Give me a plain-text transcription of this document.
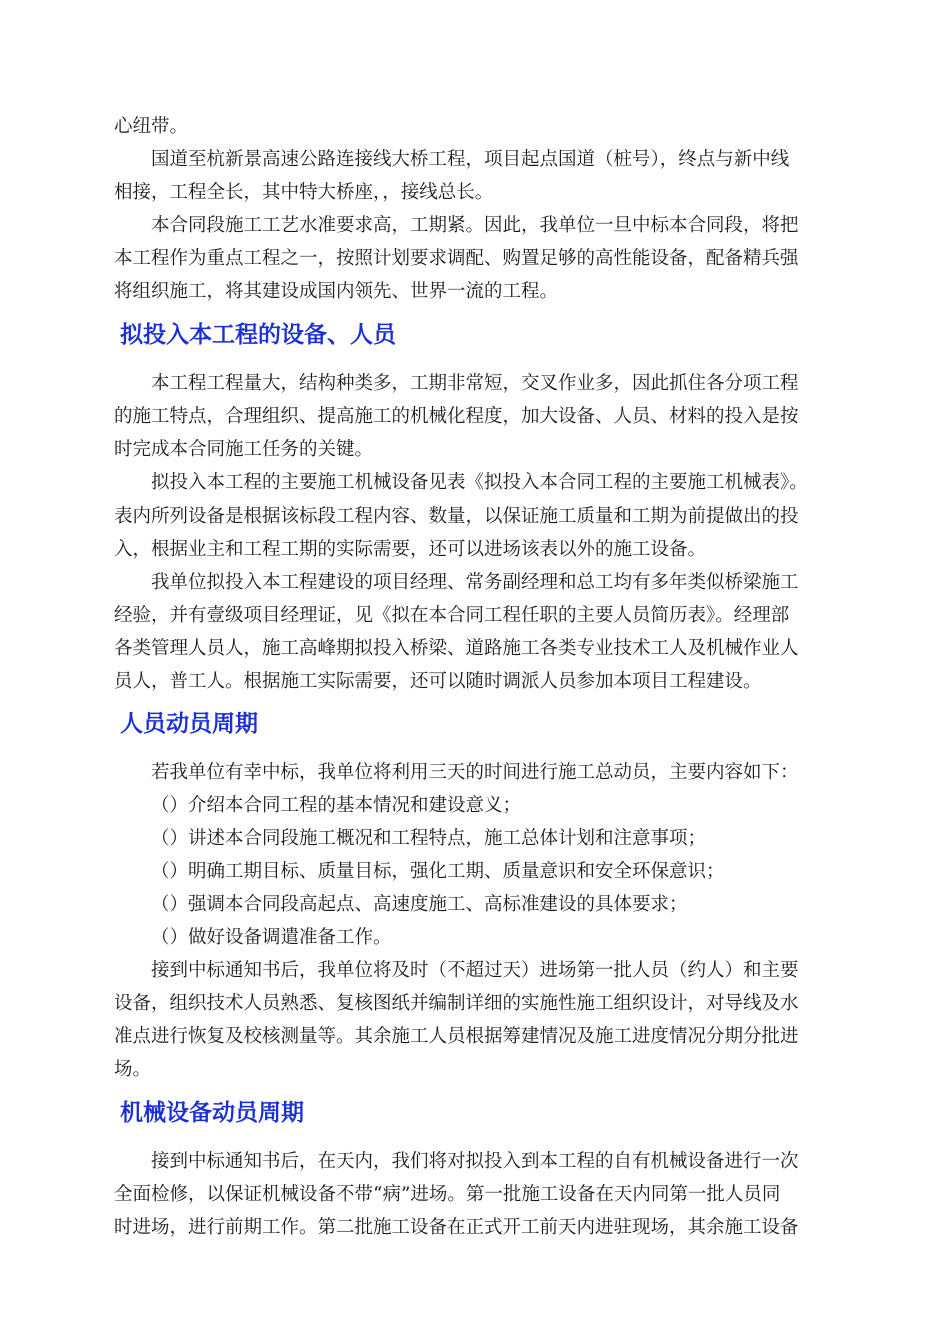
心纽带。
国道至杭新景高速公路连接线大桥工程，项目起点国道（桩号），终点与新中线
相接，工程全长，其中特大桥座，，接线总长。
本合同段施工工艺水准要求高，工期紧。因此，我单位一旦中标本合同段，将把
本工程作为重点工程之一，按照计划要求调配、购置足够的高性能设备，配备精兵强
将组织施工，将其建设成国内领先、世界一流的工程。
拟投入本工程的设备、人员
本工程工程量大，结构种类多，工期非常短，交叉作业多，因此抓住各分项工程
的施工特点，合理组织、提高施工的机械化程度，加大设备、人员、材料的投入是按
时完成本合同施工任务的关键。
拟投入本工程的主要施工机械设备见表《拟投入本合同工程的主要施工机械表》。
表内所列设备是根据该标段工程内容、数量，以保证施工质量和工期为前提做出的投
入，根据业主和工程工期的实际需要，还可以进场该表以外的施工设备。
我单位拟投入本工程建设的项目经理、常务副经理和总工均有多年类似桥梁施工
经验，并有壹级项目经理证，见《拟在本合同工程任职的主要人员简历表》。经理部
各类管理人员人，施工高峰期拟投入桥梁、道路施工各类专业技术工人及机械作业人
员人，普工人。根据施工实际需要，还可以随时调派人员参加本项目工程建设。
人员动员周期
若我单位有幸中标，我单位将利用三天的时间进行施工总动员，主要内容如下：
（）介绍本合同工程的基本情况和建设意义；
（）讲述本合同段施工概况和工程特点，施工总体计划和注意事项；
（）明确工期目标、质量目标，强化工期、质量意识和安全环保意识；
（）强调本合同段高起点、高速度施工、高标准建设的具体要求；
（）做好设备调遣准备工作。
接到中标通知书后，我单位将及时（不超过天）进场第一批人员（约人）和主要
设备，组织技术人员熟悉、复核图纸并编制详细的实施性施工组织设计，对导线及水
准点进行恢复及校核测量等。其余施工人员根据筹建情况及施工进度情况分期分批进
场。
机械设备动员周期
接到中标通知书后，在天内，我们将对拟投入到本工程的自有机械设备进行一次
全面检修，以保证机械设备不带“病”进场。第一批施工设备在天内同第一批人员同
时进场，进行前期工作。第二批施工设备在正式开工前天内进驻现场，其余施工设备
